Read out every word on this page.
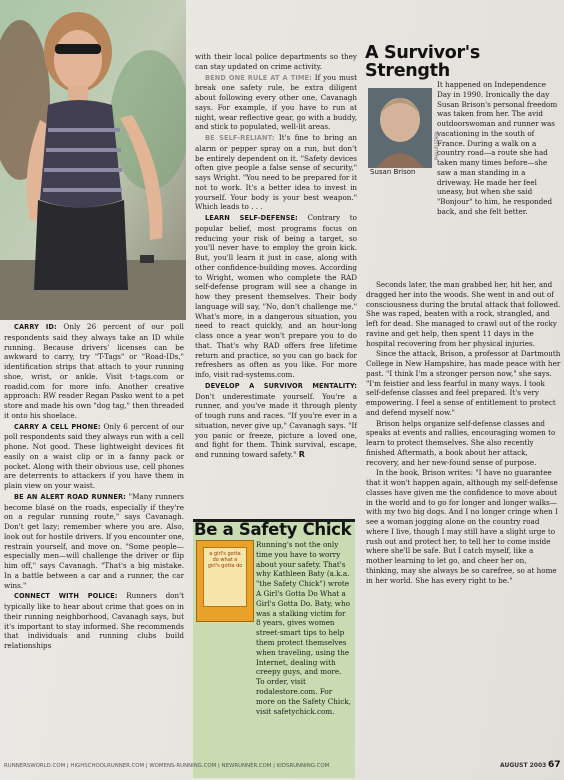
CARRY ID: Only 26 percent of our poll respondents said they always take an ID while running. Because drivers' licenses can be awkward to carry, try "T-Tags" or "Road-IDs," identification strips that attach to your running shoe, wrist, or ankle. Visit t-tags.com or roadid.com for more info. Another creative approach: RW reader Regan Pasko went to a pet store and made his own "dog tag," then threaded it onto his shoelace.

CARRY A CELL PHONE: Only 6 percent of our poll respondents said they always run with a cell phone. Not good. These lightweight devices fit easily on a waist clip or in a fanny pack or pocket. Along with their obvious use, cell phones are deterrents to attackers if you have them in plain view on your waist.

BE AN ALERT ROAD RUNNER: "Many runners become blasé on the roads, especially if they're on a regular running route," says Cavanagh. Don't get lazy; remember where you are. Also, look out for hostile drivers. If you encounter one, restrain yourself, and move on. "Some people—especially men—will challenge the driver or flip him off," says Cavanagh. "That's a big mistake. In a battle between a car and a runner, the car wins."

CONNECT WITH POLICE: Runners don't typically like to hear about crime that goes on in their running neighborhood, Cavanagh says, but it's important to stay informed. She recommends that individuals and running clubs build relationships

with their local police departments so they can stay updated on crime activity.

BEND ONE RULE AT A TIME: If you must break one safety rule, be extra diligent about following every other one, Cavanagh says. For example, if you have to run at night, wear reflective gear, go with a buddy, and stick to populated, well-lit areas.

BE SELF-RELIANT: It's fine to bring an alarm or pepper spray on a run, but don't be entirely dependent on it. "Safety devices often give people a false sense of security," says Wright. "You need to be prepared for it not to work. It's a better idea to invest in yourself. Your body is your best weapon." Which leads to . . .

LEARN SELF-DEFENSE: Contrary to popular belief, most programs focus on reducing your risk of being a target, so you'll never have to employ the groin kick. But, you'll learn it just in case, along with other confidence-building moves. According to Wright, women who complete the RAD self-defense program will see a change in how they present themselves. Their body language will say, "No, don't challenge me." What's more, in a dangerous situation, you need to react quickly, and an hour-long class once a year won't prepare you to do that. That's why RAD offers free lifetime return and practice, so you can go back for refreshers as often as you like. For more info, visit rad-systems.com.

DEVELOP A SURVIVOR MENTALITY: Don't underestimate yourself. You're a runner, and you've made it through plenty of tough runs and races. "If you're ever in a situation, never give up," Cavanagh says. "If you panic or freeze, picture a loved one, and fight for them. Think survival, escape, and running toward safety." R

Be a Safety Chick
a girl's gotta do what a girl's gotta do
Running's not the only time you have to worry about your safety. That's why Kathleen Baty (a.k.a. "the Safety Chick") wrote A Girl's Gotta Do What a Girl's Gotta Do. Baty, who was a stalking victim for 8 years, gives women street-smart tips to help them protect themselves when traveling, using the Internet, dealing with creepy guys, and more. To order, visit rodalestore.com. For more on the Safety Chick, visit safetychick.com.
A Survivor's
Strength
PHILLIP STARK
Susan Brison
It happened on Independence Day in 1990. Ironically the day Susan Brison's personal freedom was taken from her. The avid outdoorswoman and runner was vacationing in the south of France. During a walk on a country road—a route she had taken many times before—she saw a man standing in a driveway. He made her feel uneasy, but when she said "Bonjour" to him, he responded back, and she felt better.

Seconds later, the man grabbed her, hit her, and dragged her into the woods. She went in and out of consciousness during the brutal attack that followed. She was raped, beaten with a rock, strangled, and left for dead. She managed to crawl out of the rocky ravine and get help, then spent 11 days in the hospital recovering from her physical injuries.

Since the attack, Brison, a professor at Dartmouth College in New Hampshire, has made peace with her past. "I think I'm a stronger person now," she says. "I'm feistier and less fearful in many ways. I took self-defense classes and feel prepared. It's very empowering. I feel a sense of entitlement to protect and defend myself now."

Brison helps organize self-defense classes and speaks at events and rallies, encouraging women to learn to protect themselves. She also recently finished Aftermath, a book about her attack, recovery, and her new-found sense of purpose.

In the book, Brison writes: "I have no guarantee that it won't happen again, although my self-defense classes have given me the confidence to move about in the world and to go for longer and longer walks—with my two big dogs. And I no longer cringe when I see a woman jogging alone on the country road where I live, though I may still have a slight urge to rush out and protect her, to tell her to come inside where she'll be safe. But I catch myself, like a mother learning to let go, and cheer her on, thinking, may she always be so carefree, so at home in her world. She has every right to be."

RUNNERSWORLD.COM | HIGHSCHOOLRUNNER.COM | WOMENS-RUNNING.COM | NEWRUNNER.COM | KIDSRUNNING.COM	AUGUST 2003 67
